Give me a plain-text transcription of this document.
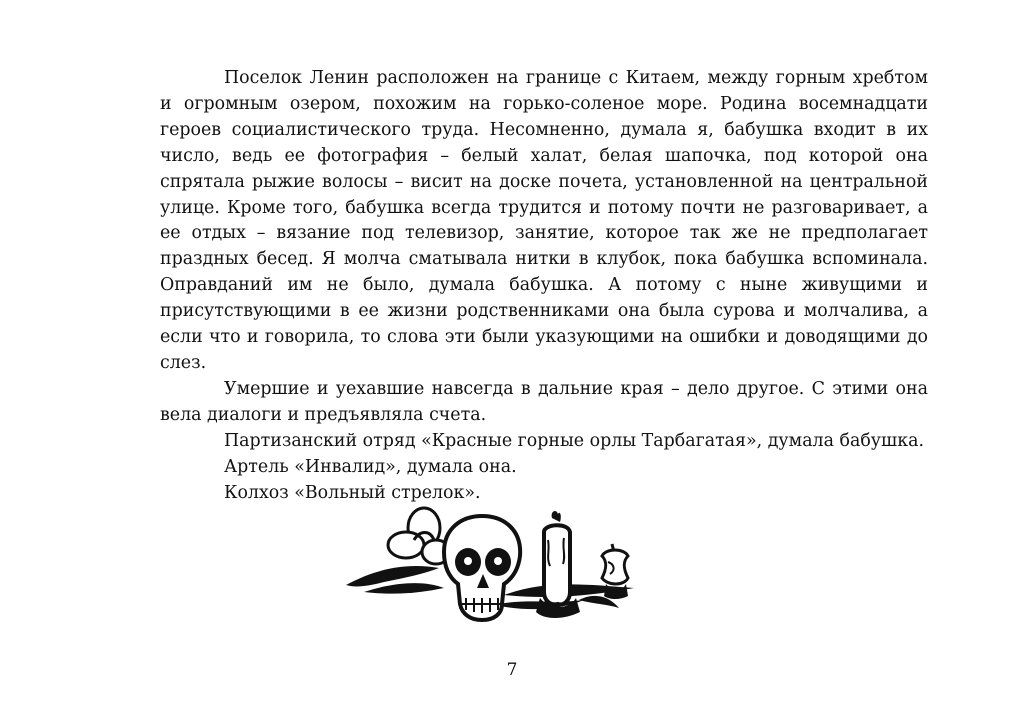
Поселок Ленин расположен на границе с Китаем, между горным хребтом и огромным озером, похожим на горько-соленое море. Родина восемнадцати героев социалистического труда. Несомненно, думала я, бабушка входит в их число, ведь ее фотография – белый халат, белая шапочка, под которой она спрятала рыжие волосы – висит на доске почета, установленной на центральной улице. Кроме того, бабушка всегда трудится и потому почти не разговаривает, а ее отдых – вязание под телевизор, занятие, которое так же не предполагает праздных бесед. Я молча сматывала нитки в клубок, пока бабушка вспоминала. Оправданий им не было, думала бабушка. А потому с ныне живущими и присутствующими в ее жизни родственниками она была сурова и молчалива, а если что и говорила, то слова эти были указующими на ошибки и доводящими до слез.

Умершие и уехавшие навсегда в дальние края – дело другое. С этими она вела диалоги и предъявляла счета.

Партизанский отряд «Красные горные орлы Тарбагатая», думала бабушка.

Артель «Инвалид», думала она.

Колхоз «Вольный стрелок».

7
